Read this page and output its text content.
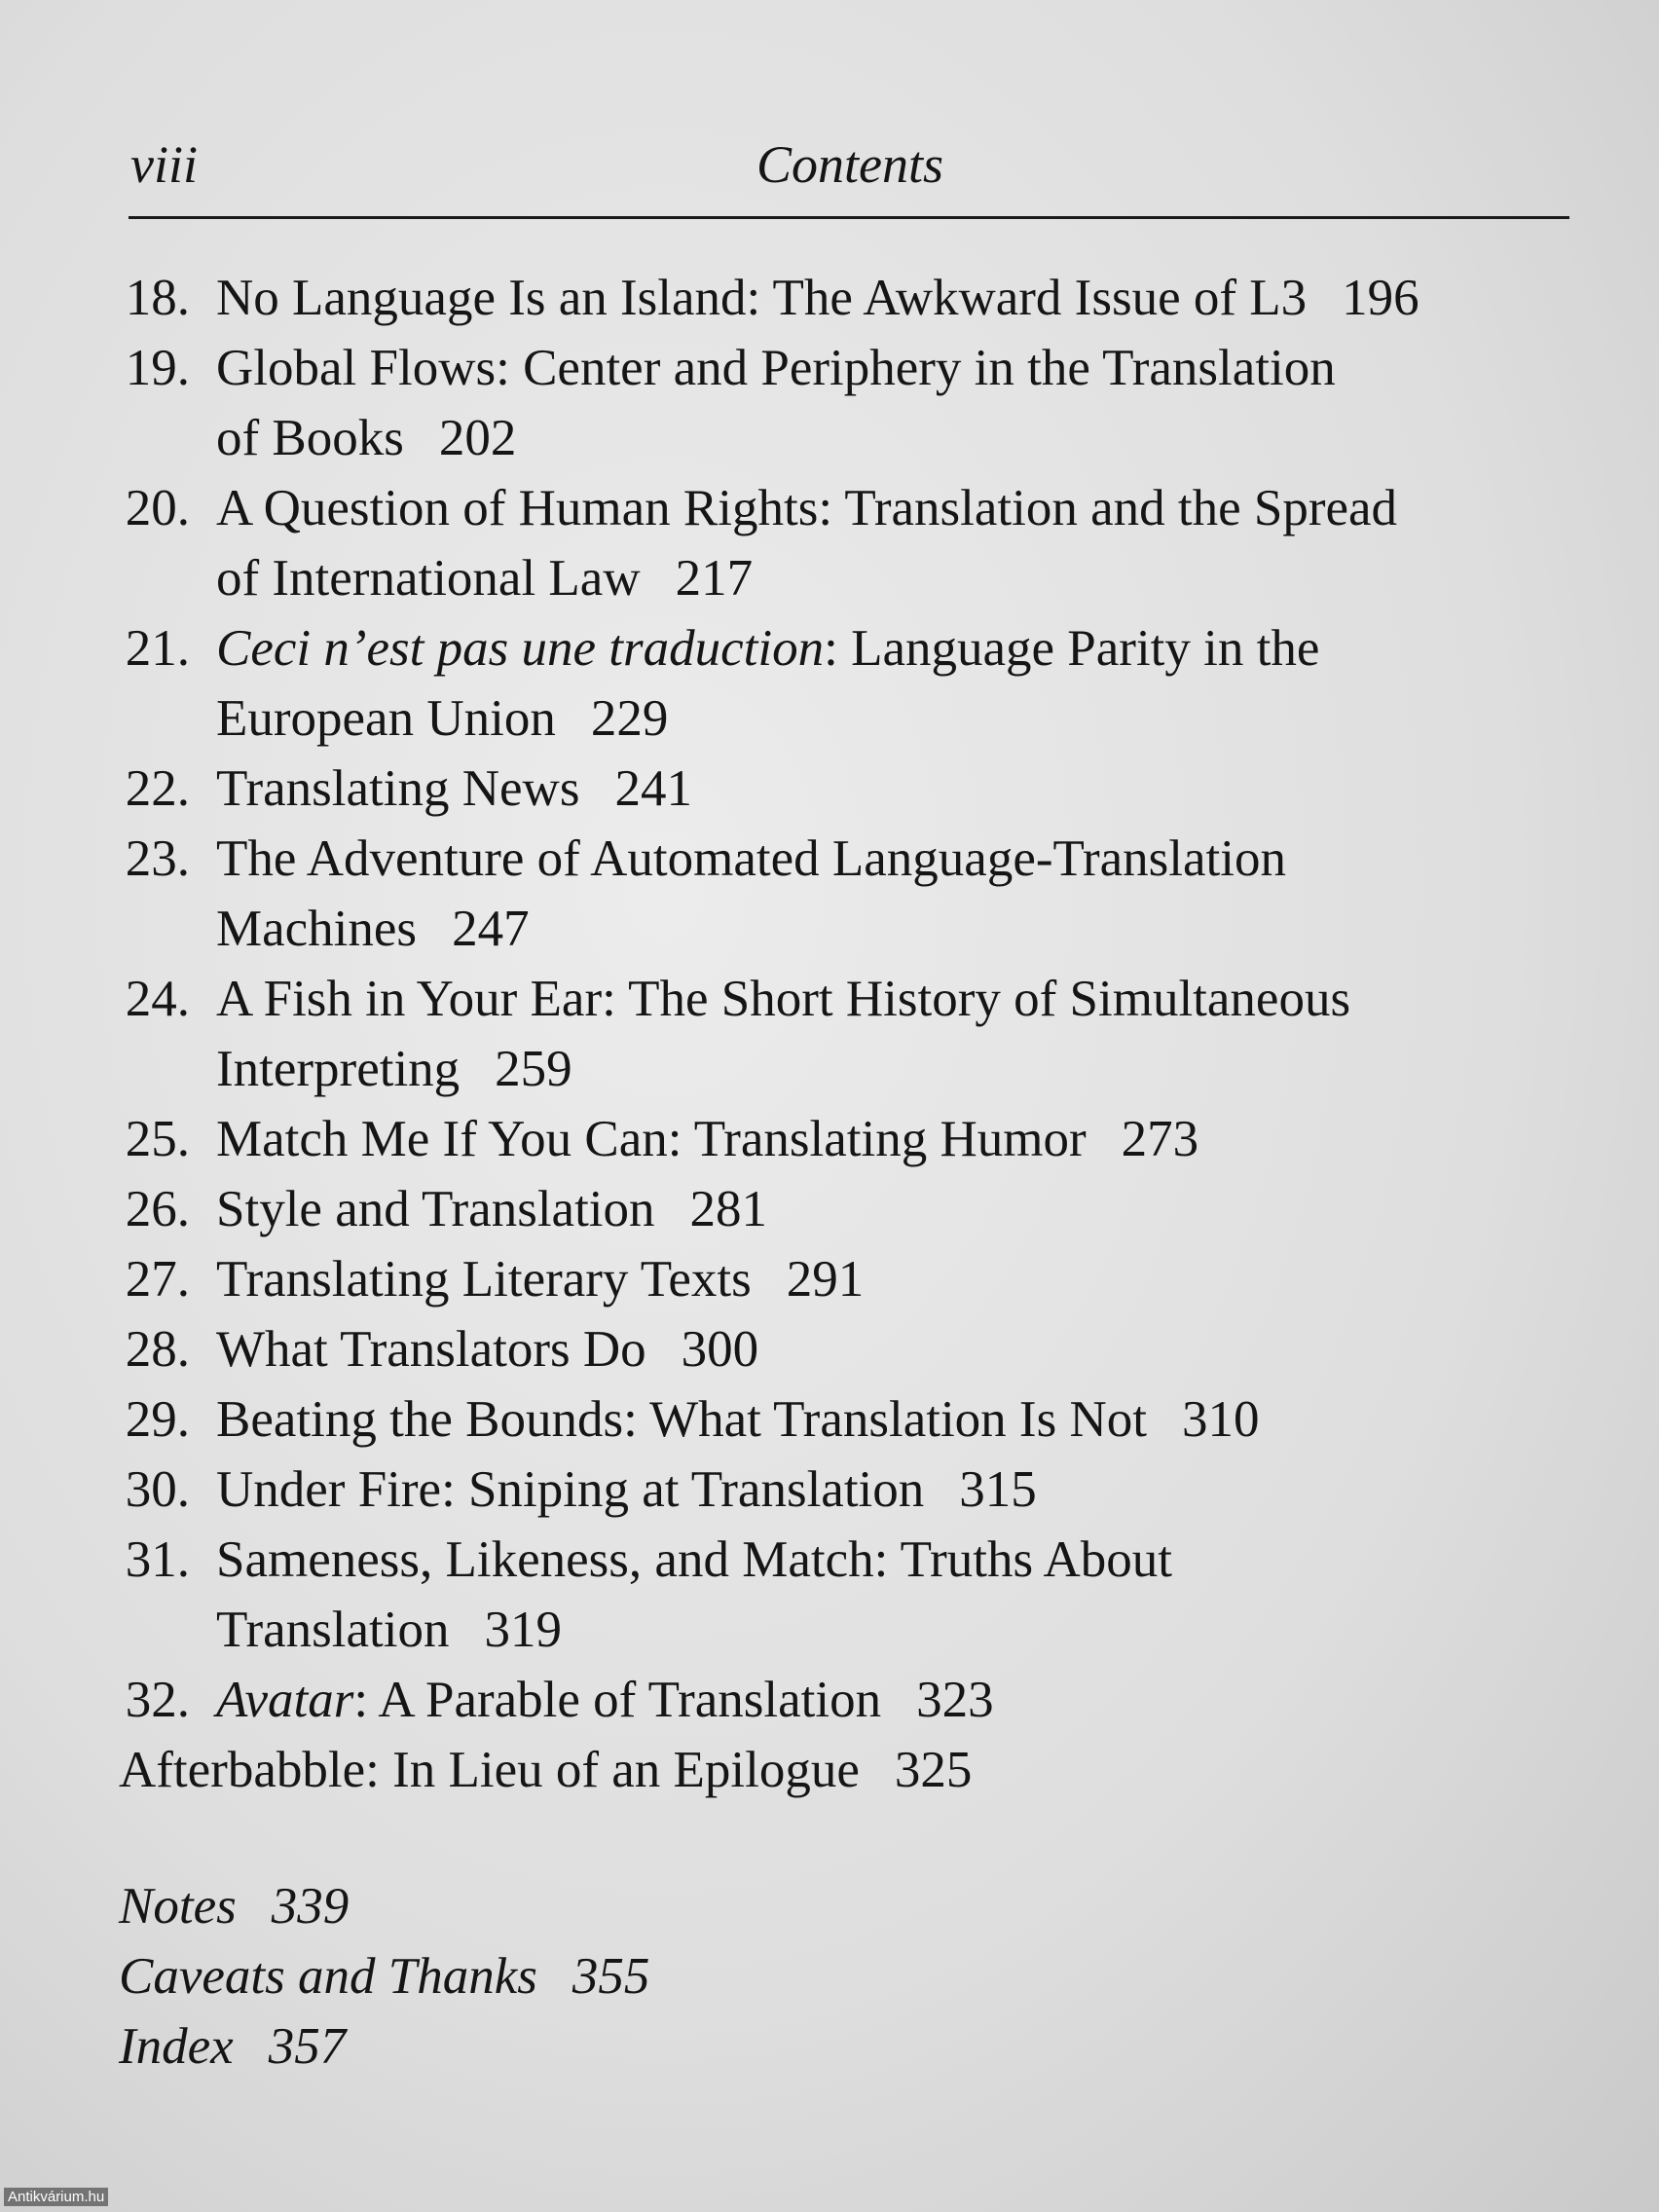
viii	Contents
18. No Language Is an Island: The Awkward Issue of L3 196
19. Global Flows: Center and Periphery in the Translation
of Books 202
20. A Question of Human Rights: Translation and the Spread
of International Law 217
21. Ceci n’est pas une traduction: Language Parity in the
European Union 229
22. Translating News 241
23. The Adventure of Automated Language-Translation
Machines 247
24. A Fish in Your Ear: The Short History of Simultaneous
Interpreting 259
25. Match Me If You Can: Translating Humor 273
26. Style and Translation 281
27. Translating Literary Texts 291
28. What Translators Do 300
29. Beating the Bounds: What Translation Is Not 310
30. Under Fire: Sniping at Translation 315
31. Sameness, Likeness, and Match: Truths About
Translation 319
32. Avatar: A Parable of Translation 323
Afterbabble: In Lieu of an Epilogue 325
Notes 339
Caveats and Thanks 355
Index 357
Antikvárium.hu
